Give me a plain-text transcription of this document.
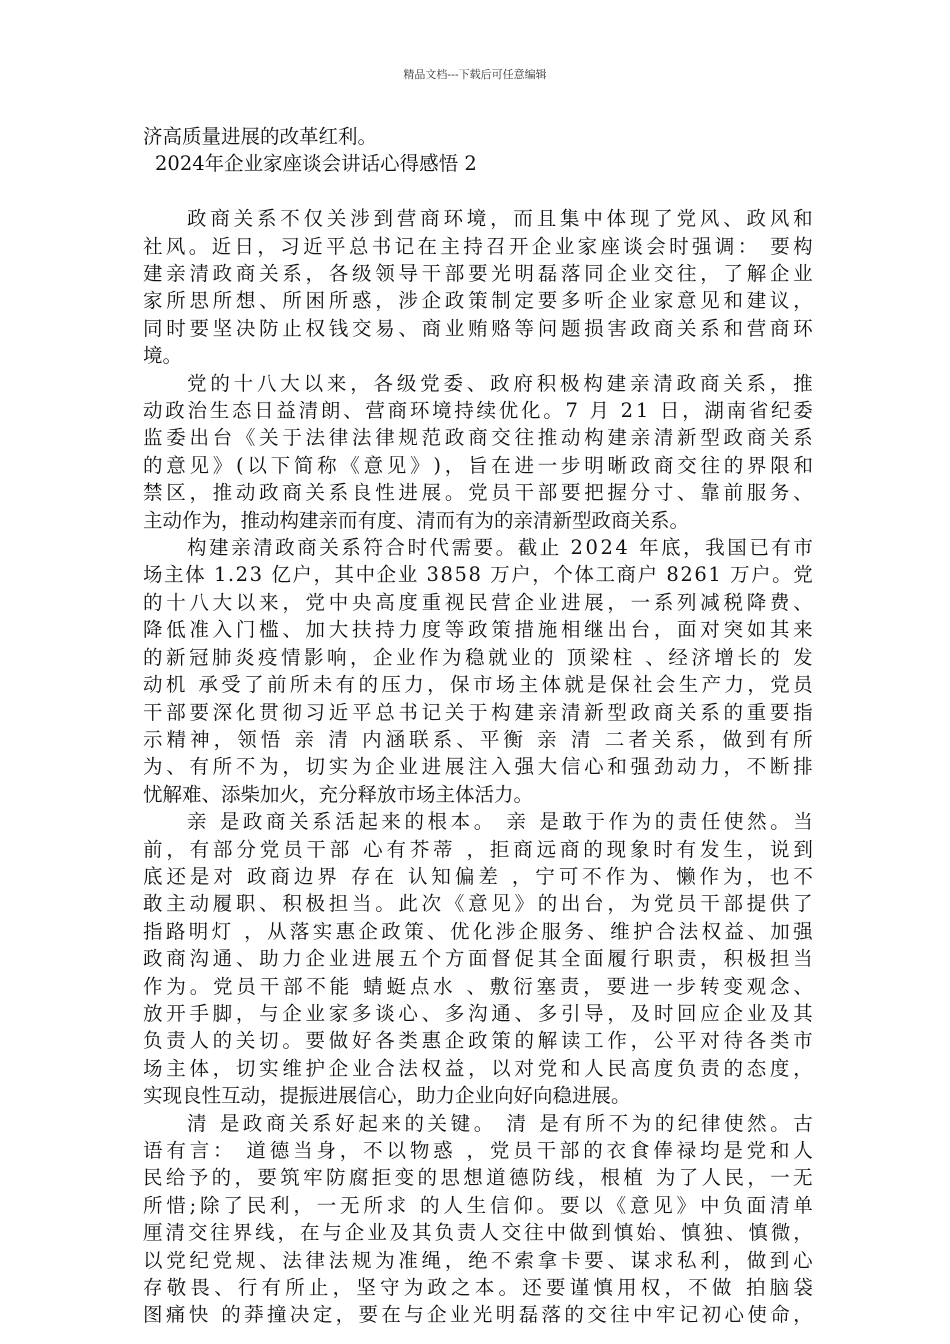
精品文档---下载后可任意编辑
济高质量进展的改革红利。
2024年企业家座谈会讲话心得感悟 2
政 商 关 系 不 仅 关 涉 到 营 商 环 境 ， 而 且 集 中 体 现 了 党 风 、 政 风 和
社 风 。 近 日 ， 习 近 平 总 书 记 在 主 持 召 开 企 业 家 座 谈 会 时 强 调 ：
要 构
建 亲 清 政 商 关 系 ， 各 级 领 导 干 部 要 光 明 磊 落 同 企 业 交 往 ， 了 解 企 业
家 所 思 所 想 、 所 困 所 惑 ， 涉 企 政 策 制 定 要 多 听 企 业 家 意 见 和 建 议 ，
同 时 要 坚 决 防 止 权 钱 交 易 、 商 业 贿 赂 等 问 题 损 害 政 商 关 系 和 营 商 环
境。
党 的 十 八 大 以 来 ， 各 级 党 委 、 政 府 积 极 构 建 亲 清 政 商 关 系 ， 推
动 政 治 生 态 日 益 清 朗 、 营 商 环 境 持 续 优 化 。 7
月
2 1
日 ， 湖 南 省 纪 委
监 委 出 台 《 关 于 法 律 法 律 规 范 政 商 交 往 推 动 构 建 亲 清 新 型 政 商 关 系
的 意 见 》 ( 以 下 简 称 《 意 见 》 ) ， 旨 在 进 一 步 明 晰 政 商 交 往 的 界 限 和
禁 区 ， 推 动 政 商 关 系 良 性 进 展 。 党 员 干 部 要 把 握 分 寸 、 靠 前 服 务 、
主动作为，推动构建亲而有度、清而有为的亲清新型政商关系。
构 建 亲 清 政 商 关 系 符 合 时 代 需 要 。 截 止
2 0 2 4
年 底 ， 我 国 已 有 市
场 主 体
1 . 2 3
亿 户 ， 其 中 企 业
3 8 5 8
万 户 ， 个 体 工 商 户
8 2 6 1
万 户 。 党
的 十 八 大 以 来 ， 党 中 央 高 度 重 视 民 营 企 业 进 展 ， 一 系 列 减 税 降 费 、
降 低 准 入 门 槛 、 加 大 扶 持 力 度 等 政 策 措 施 相 继 出 台 ， 面 对 突 如 其 来
的 新 冠 肺 炎 疫 情 影 响 ， 企 业 作 为 稳 就 业 的
顶 梁 柱
、 经 济 增 长 的
发
动 机
承 受 了 前 所 未 有 的 压 力 ， 保 市 场 主 体 就 是 保 社 会 生 产 力 ， 党 员
干 部 要 深 化 贯 彻 习 近 平 总 书 记 关 于 构 建 亲 清 新 型 政 商 关 系 的 重 要 指
示 精 神 ， 领 悟
亲
清
内 涵 联 系 、 平 衡
亲
清
二 者 关 系 ， 做 到 有 所
为 、 有 所 不 为 ， 切 实 为 企 业 进 展 注 入 强 大 信 心 和 强 劲 动 力 ， 不 断 排
忧解难、添柴加火，充分释放市场主体活力。
亲
是 政 商 关 系 活 起 来 的 根 本 。
亲
是 敢 于 作 为 的 责 任 使 然 。 当
前 ， 有 部 分 党 员 干 部
心 有 芥 蒂
， 拒 商 远 商 的 现 象 时 有 发 生 ， 说 到
底 还 是 对
政 商 边 界
存 在
认 知 偏 差
， 宁 可 不 作 为 、 懒 作 为 ， 也 不
敢 主 动 履 职 、 积 极 担 当 。 此 次 《 意 见 》 的 出 台 ， 为 党 员 干 部 提 供 了
指 路 明 灯
， 从 落 实 惠 企 政 策 、 优 化 涉 企 服 务 、 维 护 合 法 权 益 、 加 强
政 商 沟 通 、 助 力 企 业 进 展 五 个 方 面 督 促 其 全 面 履 行 职 责 ， 积 极 担 当
作 为 。 党 员 干 部 不 能
蜻 蜓 点 水
、 敷 衍 塞 责 ， 要 进 一 步 转 变 观 念 、
放 开 手 脚 ， 与 企 业 家 多 谈 心 、 多 沟 通 、 多 引 导 ， 及 时 回 应 企 业 及 其
负 责 人 的 关 切 。 要 做 好 各 类 惠 企 政 策 的 解 读 工 作 ， 公 平 对 待 各 类 市
场 主 体 ， 切 实 维 护 企 业 合 法 权 益 ， 以 对 党 和 人 民 高 度 负 责 的 态 度 ，
实现良性互动，提振进展信心，助力企业向好向稳进展。
清
是 政 商 关 系 好 起 来 的 关 键 。
清
是 有 所 不 为 的 纪 律 使 然 。 古
语 有 言 ：
道 德 当 身 ， 不 以 物 惑
， 党 员 干 部 的 衣 食 俸 禄 均 是 党 和 人
民 给 予 的 ， 要 筑 牢 防 腐 拒 变 的 思 想 道 德 防 线 ， 根 植
为 了 人 民 ， 一 无
所 惜 ; 除 了 民 利 ， 一 无 所 求
的 人 生 信 仰 。 要 以 《 意 见 》 中 负 面 清 单
厘 清 交 往 界 线 ， 在 与 企 业 及 其 负 责 人 交 往 中 做 到 慎 始 、 慎 独 、 慎 微 ，
以 党 纪 党 规 、 法 律 法 规 为 准 绳 ， 绝 不 索 拿 卡 要 、 谋 求 私 利 ， 做 到 心
存 敬 畏 、 行 有 所 止 ， 坚 守 为 政 之 本 。 还 要 谨 慎 用 权 ， 不 做
拍 脑 袋
图 痛 快
的 莽 撞 决 定 ， 要 在 与 企 业 光 明 磊 落 的 交 往 中 牢 记 初 心 使 命 ，
